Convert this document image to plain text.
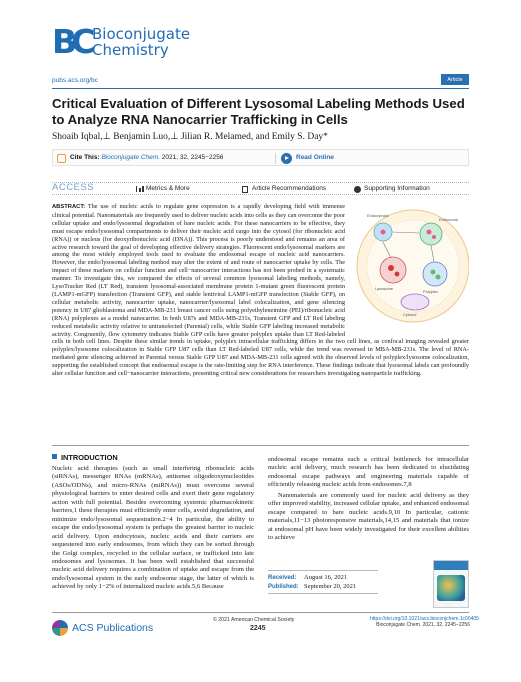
BC Bioconjugate
Chemistry
pubs.acs.org/bc	Article
Critical Evaluation of Different Lysosomal Labeling Methods Used to Analyze RNA Nanocarrier Trafficking in Cells
Shoaib Iqbal,⊥ Benjamin Luo,⊥ Jilian R. Melamed, and Emily S. Day*
Cite This: Bioconjugate Chem. 2021, 32, 2245−2256	Read Online
ACCESS	Metrics & More	Article Recommendations	Supporting Information
ABSTRACT: The use of nucleic acids to regulate gene expression is a rapidly developing field with immense clinical potential. Nanomaterials are frequently used to deliver nucleic acids into cells as they can overcome the poor cellular uptake and endo/lysosomal degradation of bare nucleic acids. For these nanocarriers to be effective, they must escape endo/lysosomal compartments to deliver their nucleic acid cargo into the cytosol (for ribonucleic acid (RNA)) or nucleus (for deoxyribonucleic acid (DNA)). This process is poorly understood and remains an area of active research toward the goal of developing effective delivery strategies. Fluorescent endo/lysosomal markers are among the most widely employed tools used to evaluate the endosomal escape of nucleic acid nanocarriers. However, the endo/lysosomal labeling method may alter the extent of and route of nanocarrier uptake by cells. The impact of these markers on cellular function and cell−nanocarrier interactions has not been probed in a systematic manner. To investigate this, we compared the effects of several common lysosomal labeling methods, namely, LysoTracker Red (LT Red), transient lysosomal-associated membrane protein 1-mutant green fluorescent protein (LAMP1-mGFP) transfection (Transient GFP), and stable lentiviral LAMP1-mGFP transfection (Stable GFP), on cellular metabolic activity, nanocarrier uptake, nanocarrier/lysosomal label colocalization, and gene silencing potency in U87 glioblastoma and MDA-MB-231 breast cancer cells using polyethyleneimine (PEI)/ribonucleic acid (RNA) polyplexes as a model nanocarrier. In both U87s and MDA-MB-231s, Transient GFP and LT Red labeling reduced metabolic activity relative to untransfected (Parental) cells, while Stable GFP labeling increased metabolic activity. Congruently, flow cytometry indicates Stable GFP cells have greater polyplex uptake than LT Red-labeled cells in both cell lines. Despite these similar trends in uptake, polyplex intracellular trafficking differs in the two cell lines, as confocal imaging revealed greater polyplex/lysosome colocalization in Stable GFP U87 cells than LT Red-labeled U87 cells, while the trend was reversed in MBA-MB-231s. The level of RNA-mediated gene silencing achieved in Parental versus Stable GFP U87 and MDA-MB-231 cells agreed with the observed levels of polyplex/lysosome colocalization, supporting the established concept that endosomal escape is the rate-limiting step for RNA interference. These findings indicate that lysosomal labels can profoundly alter cellular function and cell−nanocarrier interactions, presenting critical new considerations for researchers investigating nanoparticle trafficking.
Endocytosis
Endosome
Lysosome
Polyplex
Cytosol
INTRODUCTION
Nucleic acid therapies (such as small interfering ribonucleic acids (siRNAs), messenger RNAs (mRNAs), antisense oligodeoxynucleotides (ASOs/ODNs), and micro-RNAs (miRNAs)) must overcome several physiological barriers to enter desired cells and exert their gene regulatory action with full potential. Besides overcoming systemic pharmacokinetic barriers,1 these therapies must efficiently enter cells, avoid degradation, and minimize endo/lysosomal sequestration.2−4 In particular, the ability to escape the endo/lysosomal system is perhaps the greatest barrier to nucleic acid delivery. Upon endocytosis, nucleic acids and their carriers are sequestered into early endosomes, from which they can be sorted through the Golgi complex, recycled to the cellular surface, or trafficked into late endosomes and lysosomes. It has been well established that successful nucleic acid delivery requires a combination of uptake and escape from the endo/lysosomal system in the early endosome stage, the latter of which is achieved by only 1−2% of internalized nucleic acids.5,6 Because

endosomal escape remains such a critical bottleneck for intracellular nucleic acid delivery, much research has been dedicated to elucidating endosomal escape pathways and engineering materials capable of efficiently releasing nucleic acids from endosomes.7,8

Nanomaterials are commonly used for nucleic acid delivery as they offer improved stability, increased cellular uptake, and enhanced endosomal escape compared to bare nucleic acids.9,10 In particular, cationic materials,11−13 photoresponsive materials,14,15 and materials that ionize at endosomal pH have been widely investigated for their excellent abilities to achieve

Received: August 16, 2021
Published: September 20, 2021
ACS Publications
© 2021 American Chemical Society
2245
https://doi.org/10.1021/acs.bioconjchem.1c00405
Bioconjugate Chem. 2021, 32, 2245−2256
